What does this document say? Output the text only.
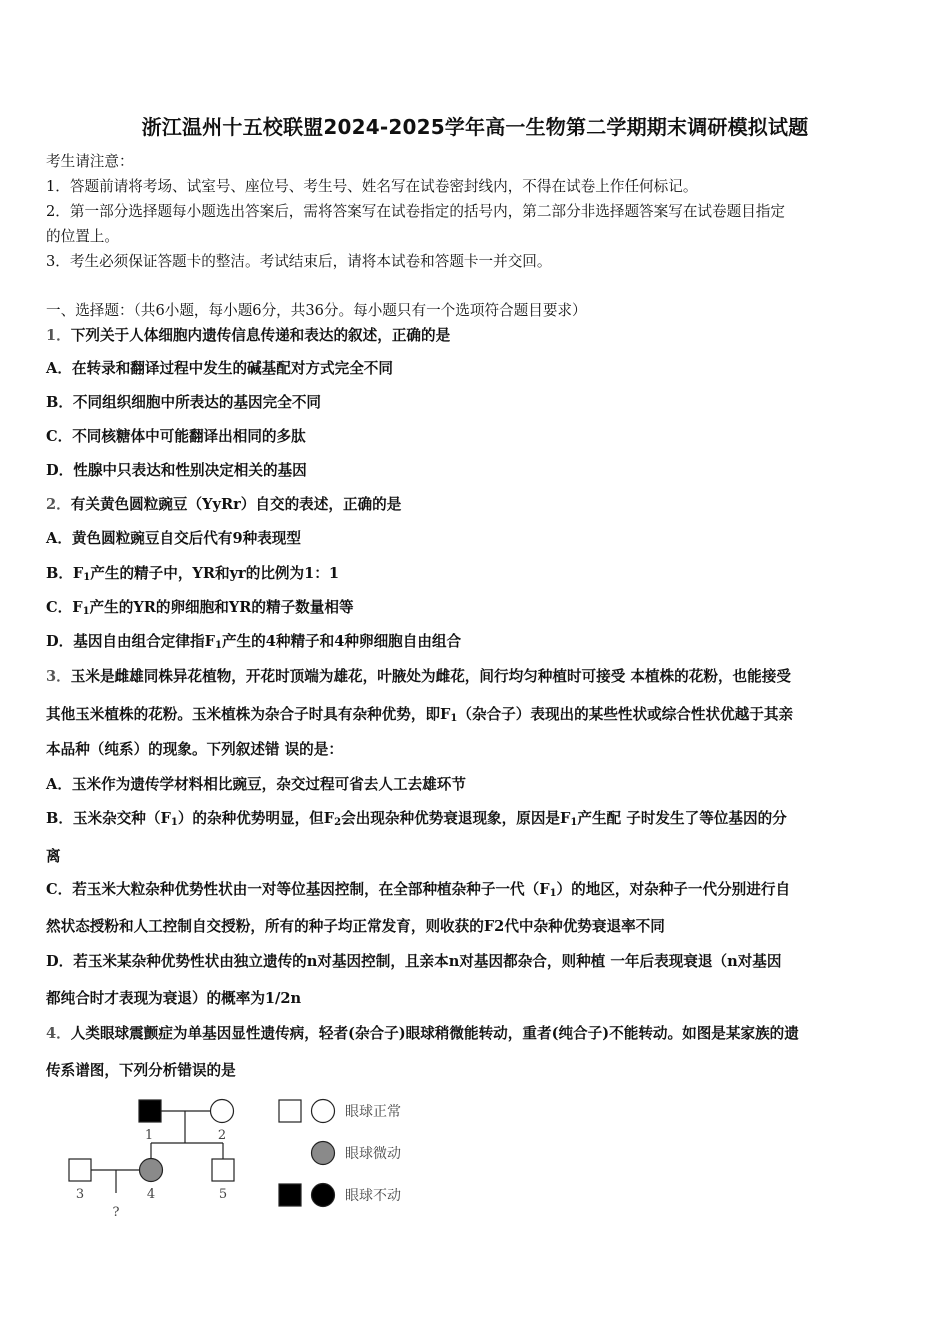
浙江温州十五校联盟2024-2025学年高一生物第二学期期末调研模拟试题
考生请注意：
1．答题前请将考场、试室号、座位号、考生号、姓名写在试卷密封线内，不得在试卷上作任何标记。
2．第一部分选择题每小题选出答案后，需将答案写在试卷指定的括号内，第二部分非选择题答案写在试卷题目指定
的位置上。
3．考生必须保证答题卡的整洁。考试结束后，请将本试卷和答题卡一并交回。
一、选择题：（共6小题，每小题6分，共36分。每小题只有一个选项符合题目要求）
1．下列关于人体细胞内遗传信息传递和表达的叙述，正确的是
A．在转录和翻译过程中发生的碱基配对方式完全不同
B．不同组织细胞中所表达的基因完全不同
C．不同核糖体中可能翻译出相同的多肽
D．性腺中只表达和性别决定相关的基因
2．有关黄色圆粒豌豆（YyRr）自交的表述，正确的是
A．黄色圆粒豌豆自交后代有9种表现型
B．$F_1$产生的精子中，YR和yr的比例为1：1
C．$F_1$产生的YR的卵细胞和YR的精子数量相等
D．基因自由组合定律指$F_1$产生的4种精子和4种卵细胞自由组合
3．玉米是雌雄同株异花植物，开花时顶端为雄花，叶腋处为雌花，间行均匀种植时可接受 本植株的花粉，也能接受
其他玉米植株的花粉。玉米植株为杂合子时具有杂种优势，即$F_1$（杂合子）表现出的某些性状或综合性状优越于其亲
本品种（纯系）的现象。下列叙述错 误的是：
A．玉米作为遗传学材料相比豌豆，杂交过程可省去人工去雄环节
B．玉米杂交种$(F_1)$的杂种优势明显，但$F_2$会出现杂种优势衰退现象，原因是$F_1$产生配 子时发生了等位基因的分
离
C．若玉米大粒杂种优势性状由一对等位基因控制，在全部种植杂种子一代$(F_1)$的地区，对杂种子一代分别进行自
然状态授粉和人工控制自交授粉，所有的种子均正常发育，则收获的F2代中杂种优势衰退率不同
D．若玉米某杂种优势性状由独立遗传的n对基因控制，且亲本n对基因都杂合，则种植 一年后表现衰退（n对基因
都纯合时才表现为衰退）的概率为1/2n
4．人类眼球震颤症为单基因显性遗传病，轻者(杂合子)眼球稍微能转动，重者(纯合子)不能转动。如图是某家族的遗
传系谱图，下列分析错误的是
1	2
3	4	5
?
眼球正常
眼球微动
眼球不动
